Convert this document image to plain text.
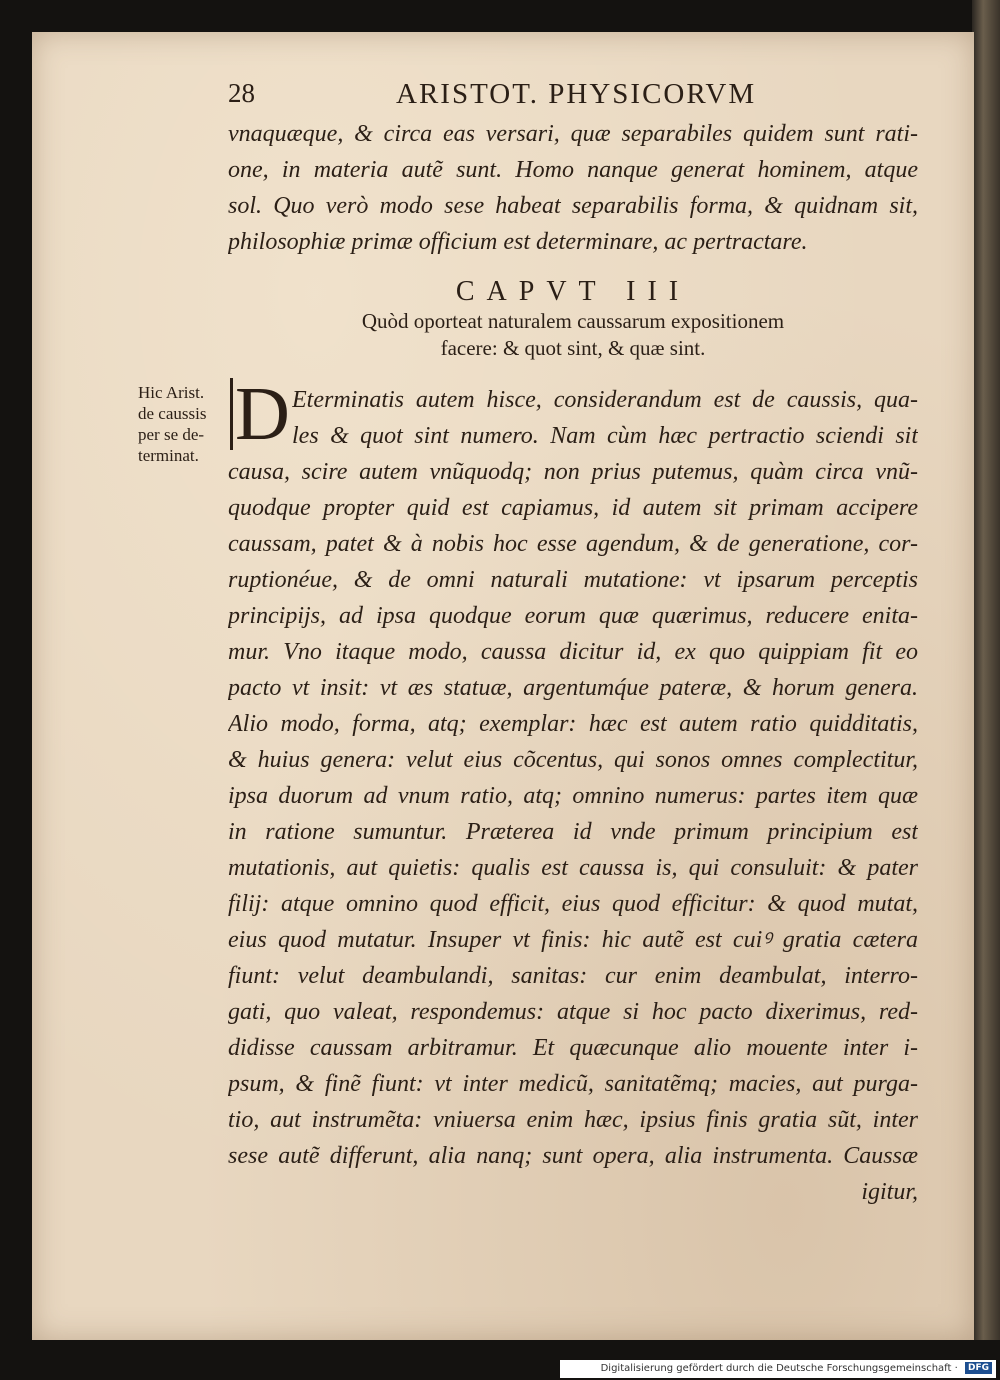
28	ARISTOT. PHYSICORVM
vnaquæque, & circa eas versari, quæ separabiles quidem sunt rati-
one, in materia autẽ sunt. Homo nanque generat hominem, atque
sol. Quo verò modo sese habeat separabilis forma, & quidnam sit,
philosophiæ primæ officium est determinare, ac pertractare.
CAPVT III
Quòd oporteat naturalem caussarum expositionem
facere: & quot sint, & quæ sint.
Hic Arist.
de caussis
per se de-
terminat. D Eterminatis autem hisce, considerandum est de caussis, qua-
les & quot sint numero. Nam cùm hæc pertractio sciendi sit
causa, scire autem vnũquodq; non prius putemus, quàm circa vnũ-
quodque propter quid est capiamus, id autem sit primam accipere
caussam, patet & à nobis hoc esse agendum, & de generatione, cor-
ruptionéue, & de omni naturali mutatione: vt ipsarum perceptis
principijs, ad ipsa quodque eorum quæ quærimus, reducere enita-
mur. Vno itaque modo, caussa dicitur id, ex quo quippiam fit eo
pacto vt insit: vt æs statuæ, argentumq́ue pateræ, & horum genera.
Alio modo, forma, atq; exemplar: hæc est autem ratio quidditatis,
& huius genera: velut eius cõcentus, qui sonos omnes complectitur,
ipsa duorum ad vnum ratio, atq; omnino numerus: partes item quæ
in ratione sumuntur. Præterea id vnde primum principium est
mutationis, aut quietis: qualis est caussa is, qui consuluit: & pater
filij: atque omnino quod efficit, eius quod efficitur: & quod mutat,
eius quod mutatur. Insuper vt finis: hic autẽ est cuiꝰ gratia cætera
fiunt: velut deambulandi, sanitas: cur enim deambulat, interro-
gati, quo valeat, respondemus: atque si hoc pacto dixerimus, red-
didisse caussam arbitramur. Et quæcunque alio mouente inter i-
psum, & finẽ fiunt: vt inter medicũ, sanitatẽmq; macies, aut purga-
tio, aut instrumẽta: vniuersa enim hæc, ipsius finis gratia sũt, inter
sese autẽ differunt, alia nanq; sunt opera, alia instrumenta. Caussæ
igitur,
Digitalisierung gefördert durch die Deutsche Forschungsgemeinschaft · DFG
